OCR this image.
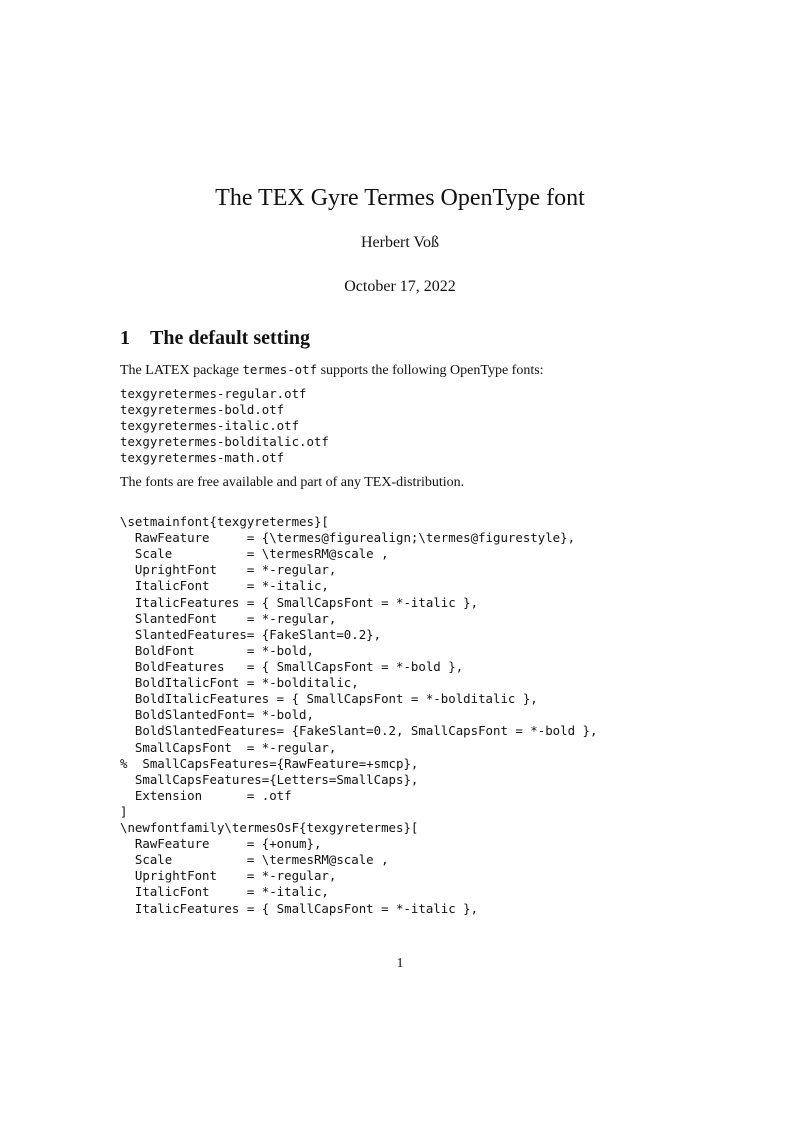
The TEX Gyre Termes OpenType font
Herbert Voß
October 17, 2022
1 The default setting
The LATEX package termes-otf supports the following OpenType fonts:
texgyretermes-regular.otf
texgyretermes-bold.otf
texgyretermes-italic.otf
texgyretermes-bolditalic.otf
texgyretermes-math.otf
The fonts are free available and part of any TEX-distribution.
\setmainfont{texgyretermes}[
RawFeature     = {\termes@figurealign;\termes@figurestyle},
Scale          = \termesRM@scale ,
UprightFont    = *-regular,
ItalicFont     = *-italic,
ItalicFeatures = { SmallCapsFont = *-italic },
SlantedFont    = *-regular,
SlantedFeatures= {FakeSlant=0.2},
BoldFont       = *-bold,
BoldFeatures   = { SmallCapsFont = *-bold },
BoldItalicFont = *-bolditalic,
BoldItalicFeatures = { SmallCapsFont = *-bolditalic },
BoldSlantedFont= *-bold,
BoldSlantedFeatures= {FakeSlant=0.2, SmallCapsFont = *-bold },
SmallCapsFont  = *-regular,
%  SmallCapsFeatures={RawFeature=+smcp},
SmallCapsFeatures={Letters=SmallCaps},
Extension      = .otf
]
\newfontfamily\termesOsF{texgyretermes}[
RawFeature     = {+onum},
Scale          = \termesRM@scale ,
UprightFont    = *-regular,
ItalicFont     = *-italic,
ItalicFeatures = { SmallCapsFont = *-italic },
1
